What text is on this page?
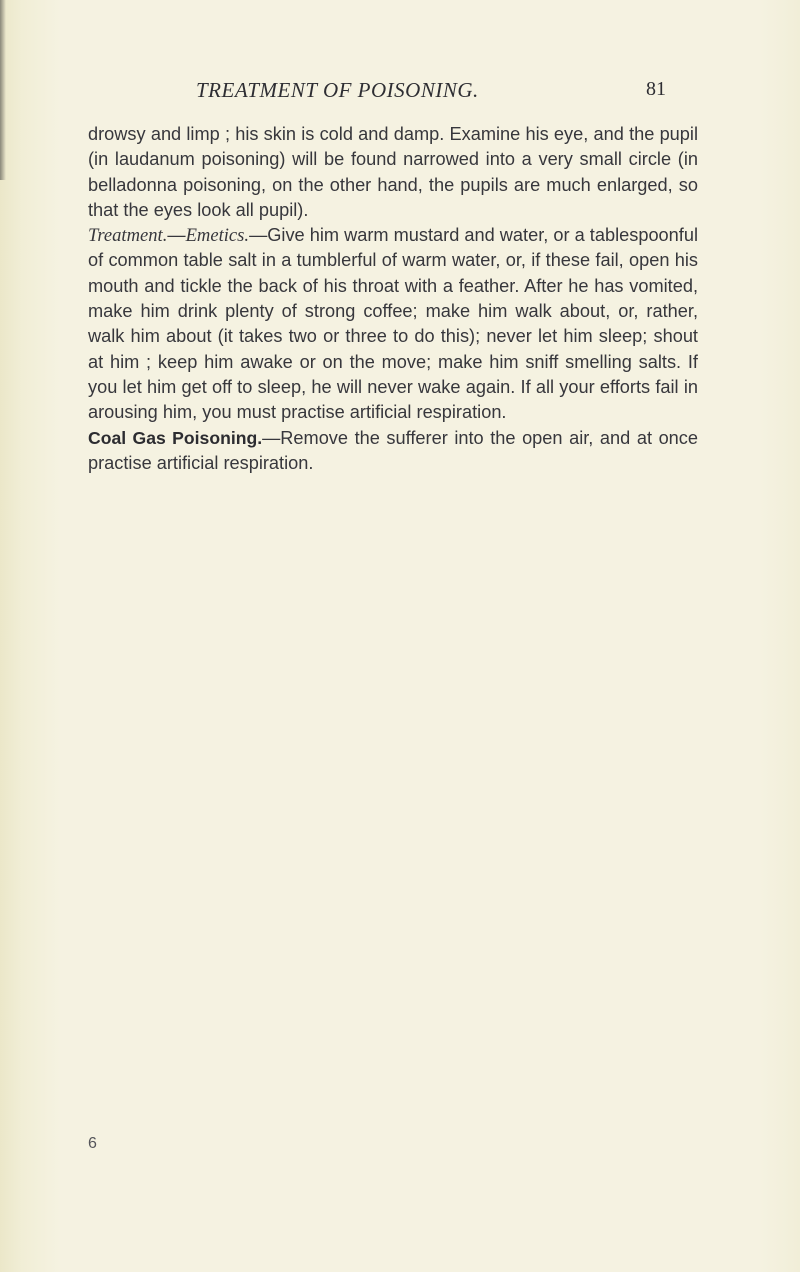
TREATMENT OF POISONING.	81

drowsy and limp ; his skin is cold and damp. Examine his eye, and the pupil (in laudanum poisoning) will be found narrowed into a very small circle (in belladonna poisoning, on the other hand, the pupils are much enlarged, so that the eyes look all pupil).

Treatment.—Emetics.—Give him warm mustard and water, or a tablespoonful of common table salt in a tumblerful of warm water, or, if these fail, open his mouth and tickle the back of his throat with a feather. After he has vomited, make him drink plenty of strong coffee; make him walk about, or, rather, walk him about (it takes two or three to do this); never let him sleep; shout at him ; keep him awake or on the move; make him sniff smelling salts. If you let him get off to sleep, he will never wake again. If all your efforts fail in arousing him, you must practise artificial respiration.

Coal Gas Poisoning.—Remove the sufferer into the open air, and at once practise artificial respiration.

6
